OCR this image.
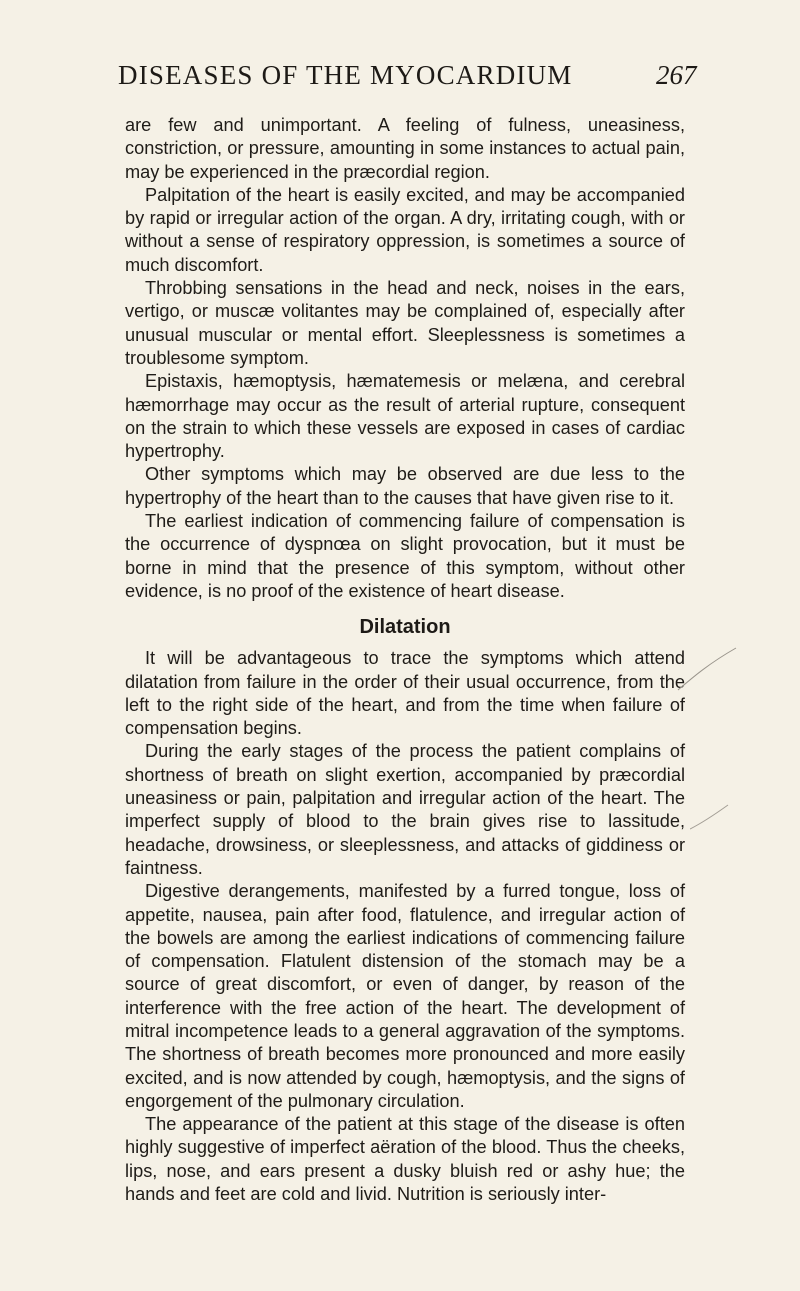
DISEASES OF THE MYOCARDIUM	267

are few and unimportant. A feeling of fulness, uneasiness, constriction, or pressure, amounting in some instances to actual pain, may be experienced in the præcordial region.

Palpitation of the heart is easily excited, and may be accompanied by rapid or irregular action of the organ. A dry, irritating cough, with or without a sense of respiratory oppression, is sometimes a source of much discomfort.

Throbbing sensations in the head and neck, noises in the ears, vertigo, or muscæ volitantes may be complained of, especially after unusual muscular or mental effort. Sleeplessness is sometimes a troublesome symptom.

Epistaxis, hæmoptysis, hæmatemesis or melæna, and cerebral hæmorrhage may occur as the result of arterial rupture, consequent on the strain to which these vessels are exposed in cases of cardiac hypertrophy.

Other symptoms which may be observed are due less to the hypertrophy of the heart than to the causes that have given rise to it.

The earliest indication of commencing failure of compensation is the occurrence of dyspnœa on slight provocation, but it must be borne in mind that the presence of this symptom, without other evidence, is no proof of the existence of heart disease.

Dilatation

It will be advantageous to trace the symptoms which attend dilatation from failure in the order of their usual occurrence, from the left to the right side of the heart, and from the time when failure of compensation begins.

During the early stages of the process the patient complains of shortness of breath on slight exertion, accompanied by præcordial uneasiness or pain, palpitation and irregular action of the heart. The imperfect supply of blood to the brain gives rise to lassitude, headache, drowsiness, or sleeplessness, and attacks of giddiness or faintness.

Digestive derangements, manifested by a furred tongue, loss of appetite, nausea, pain after food, flatulence, and irregular action of the bowels are among the earliest indications of commencing failure of compensation. Flatulent distension of the stomach may be a source of great discomfort, or even of danger, by reason of the interference with the free action of the heart. The development of mitral incompetence leads to a general aggravation of the symptoms. The shortness of breath becomes more pronounced and more easily excited, and is now attended by cough, hæmoptysis, and the signs of engorgement of the pulmonary circulation.

The appearance of the patient at this stage of the disease is often highly suggestive of imperfect aëration of the blood. Thus the cheeks, lips, nose, and ears present a dusky bluish red or ashy hue; the hands and feet are cold and livid. Nutrition is seriously inter-
